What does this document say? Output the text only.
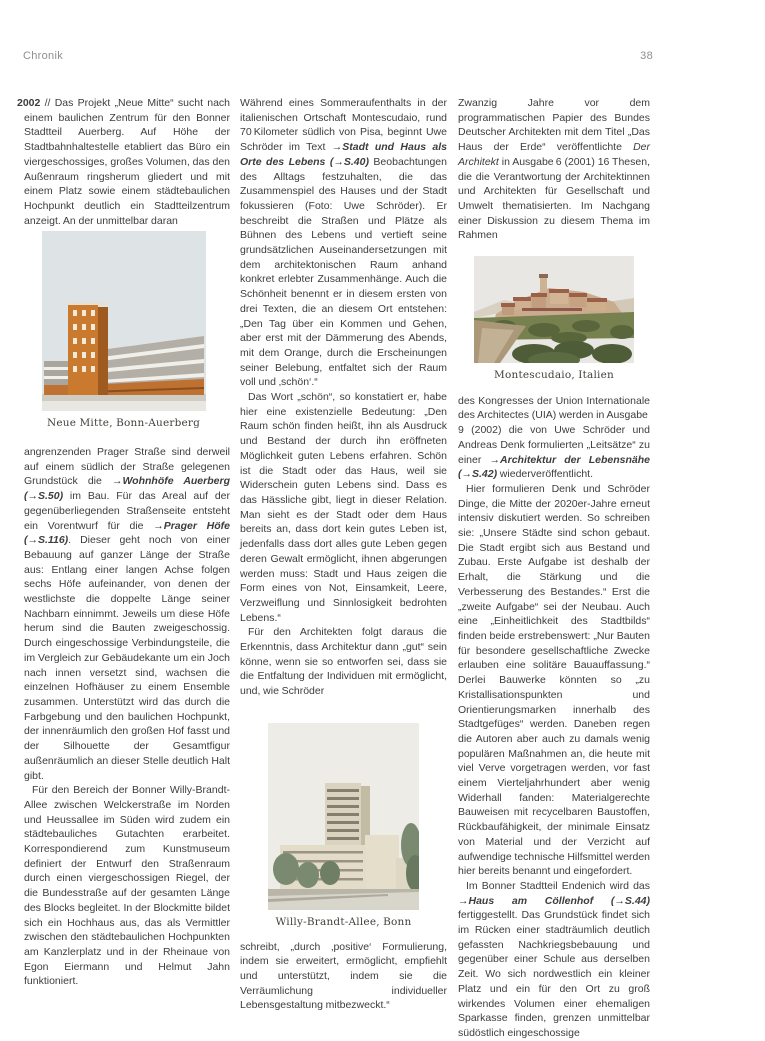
Chronik	38

2002 // Das Projekt „Neue Mitte“ sucht nach einem baulichen Zentrum für den Bonner Stadtteil Auerberg. Auf Höhe der Stadtbahnhaltestelle etabliert das Büro ein viergeschossiges, großes Volumen, das den Außenraum ringsherum gliedert und mit einem Platz sowie einem städtebaulichen Hochpunkt deutlich ein Stadtteilzentrum anzeigt. An der unmittelbar daran

Neue Mitte, Bonn-Auerberg

angrenzenden Prager Straße sind derweil auf einem südlich der Straße gelegenen Grundstück die →Wohnhöfe Auerberg (→S.50) im Bau. Für das Areal auf der gegenüberliegenden Straßenseite entsteht ein Vorentwurf für die →Prager Höfe (→S.116). Dieser geht noch von einer Bebauung auf ganzer Länge der Straße aus: Entlang einer langen Achse folgen sechs Höfe aufeinander, von denen der westlichste die doppelte Länge seiner Nachbarn einnimmt. Jeweils um diese Höfe herum sind die Bauten zweigeschossig. Durch eingeschossige Verbindungsteile, die im Vergleich zur Gebäudekante um ein Joch nach innen versetzt sind, wachsen die einzelnen Hofhäuser zu einem Ensemble zusammen. Unterstützt wird das durch die Farbgebung und den baulichen Hochpunkt, der innenräumlich den großen Hof fasst und der Silhouette der Gesamtfigur außenräumlich an dieser Stelle deutlich Halt gibt.

Für den Bereich der Bonner Willy-Brandt-Allee zwischen Welckerstraße im Norden und Heussallee im Süden wird zudem ein städtebauliches Gutachten erarbeitet. Korrespondierend zum Kunstmuseum definiert der Entwurf den Straßenraum durch einen viergeschossigen Riegel, der die Bundesstraße auf der gesamten Länge des Blocks begleitet. In der Blockmitte bildet sich ein Hochhaus aus, das als Vermittler zwischen den städtebaulichen Hochpunkten am Kanzlerplatz und in der Rheinaue von Egon Eiermann und Helmut Jahn funktioniert.

Während eines Sommeraufenthalts in der italienischen Ortschaft Montescudaio, rund 70 Kilometer südlich von Pisa, beginnt Uwe Schröder im Text →Stadt und Haus als Orte des Lebens (→S.40) Beobachtungen des Alltags festzuhalten, die das Zusammenspiel des Hauses und der Stadt fokussieren (Foto: Uwe Schröder). Er beschreibt die Straßen und Plätze als Bühnen des Lebens und vertieft seine grundsätzlichen Auseinandersetzungen mit dem architektonischen Raum anhand konkret erlebter Zusammenhänge. Auch die Schönheit benennt er in diesem ersten von drei Texten, die an diesem Ort entstehen: „Den Tag über ein Kommen und Gehen, aber erst mit der Dämmerung des Abends, mit dem Orange, durch die Erscheinungen seiner Belebung, entfaltet sich der Raum voll und ‚schön‘.“

Das Wort „schön“, so konstatiert er, habe hier eine existenzielle Bedeutung: „Den Raum schön finden heißt, ihn als Ausdruck und Bestand der durch ihn eröffneten Möglichkeit guten Lebens erfahren. Schön ist die Stadt oder das Haus, weil sie Widerschein guten Lebens sind. Dass es das Hässliche gibt, liegt in dieser Relation. Man sieht es der Stadt oder dem Haus bereits an, dass dort kein gutes Leben ist, jedenfalls dass dort alles gute Leben gegen deren Gewalt ermöglicht, ihnen abgerungen werden muss: Stadt und Haus zeigen die Form eines von Not, Einsamkeit, Leere, Verzweiflung und Sinnlosigkeit bedrohten Lebens.“

Für den Architekten folgt daraus die Erkenntnis, dass Architektur dann „gut“ sein könne, wenn sie so entworfen sei, dass sie die Entfaltung der Individuen mit ermöglicht, und, wie Schröder

Willy-Brandt-Allee, Bonn

schreibt, „durch ‚positive‘ Formulierung, indem sie erweitert, ermöglicht, empfiehlt und unterstützt, indem sie die Verräumlichung individueller Lebensgestaltung mitbezweckt.“

Zwanzig Jahre vor dem programmatischen Papier des Bundes Deutscher Architekten mit dem Titel „Das Haus der Erde“ veröffentlichte Der Architekt in Ausgabe 6 (2001) 16 Thesen, die die Verantwortung der Architektinnen und Architekten für Gesellschaft und Umwelt thematisierten. Im Nachgang einer Diskussion zu diesem Thema im Rahmen

Montescudaio, Italien

des Kongresses der Union Internationale des Architectes (UIA) werden in Ausgabe 9 (2002) die von Uwe Schröder und Andreas Denk formulierten „Leitsätze“ zu einer →Architektur der Lebensnähe (→S.42) wiederveröffentlicht.

Hier formulieren Denk und Schröder Dinge, die Mitte der 2020er-Jahre erneut intensiv diskutiert werden. So schreiben sie: „Unsere Städte sind schon gebaut. Die Stadt ergibt sich aus Bestand und Zubau. Erste Aufgabe ist deshalb der Erhalt, die Stärkung und die Verbesserung des Bestandes.“ Erst die „zweite Aufgabe“ sei der Neubau. Auch eine „Einheitlichkeit des Stadtbilds“ finden beide erstrebenswert: „Nur Bauten für besondere gesellschaftliche Zwecke erlauben eine solitäre Bauauffassung.“ Derlei Bauwerke könnten so „zu Kristallisationspunkten und Orientierungsmarken innerhalb des Stadtgefüges“ werden. Daneben regen die Autoren aber auch zu damals wenig populären Maßnahmen an, die heute mit viel Verve vorgetragen werden, vor fast einem Vierteljahrhundert aber wenig Widerhall fanden: Materialgerechte Bauweisen mit recycelbaren Baustoffen, Rückbaufähigkeit, der minimale Einsatz von Material und der Verzicht auf aufwendige technische Hilfsmittel werden hier bereits benannt und eingefordert.

Im Bonner Stadtteil Endenich wird das →Haus am Cöllenhof (→S.44) fertiggestellt. Das Grundstück findet sich im Rücken einer stadträumlich deutlich gefassten Nachkriegsbebauung und gegenüber einer Schule aus derselben Zeit. Wo sich nordwestlich ein kleiner Platz und ein für den Ort zu groß wirkendes Volumen einer ehemaligen Sparkasse finden, grenzen unmittelbar südöstlich eingeschossige
